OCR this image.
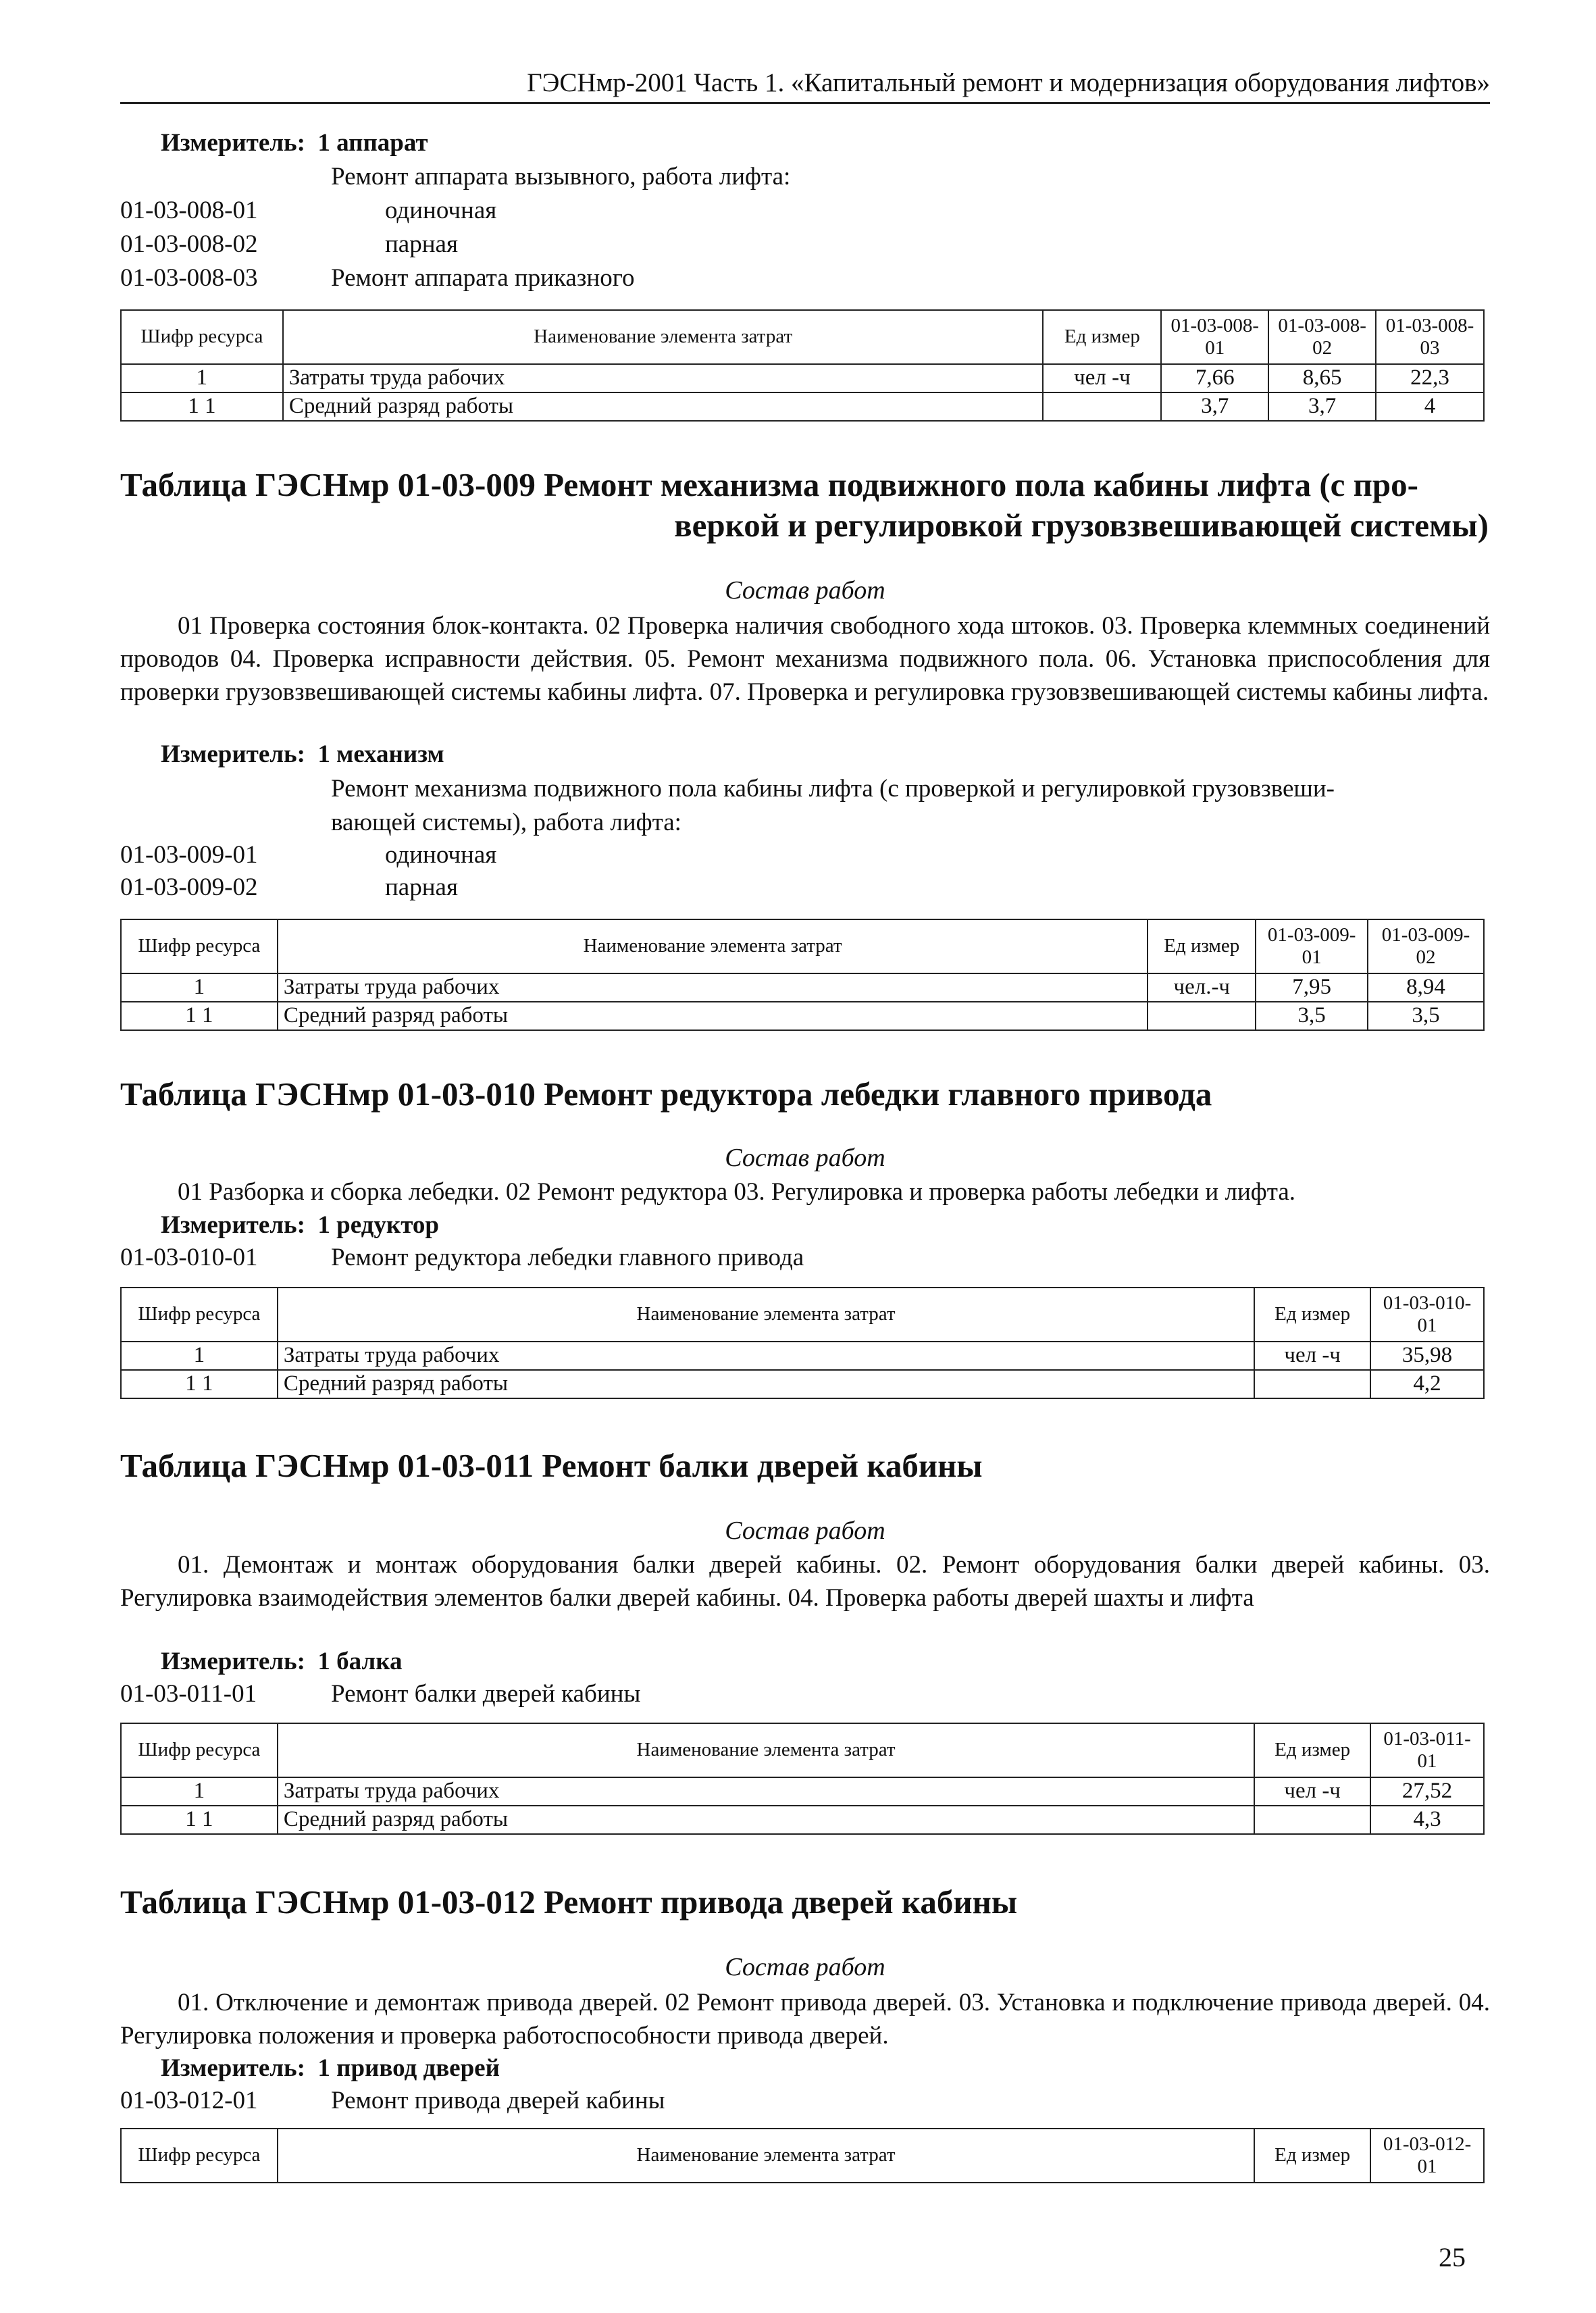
ГЭСНмр-2001 Часть 1. «Капитальный ремонт и модернизация оборудования лифтов»
Измеритель: 1 аппарат
Ремонт аппарата вызывного, работа лифта:
01-03-008-01	одиночная
01-03-008-02	парная
01-03-008-03	Ремонт аппарата приказного
Шифр ресурса	Наименование элемента затрат	Ед измер	01-03-008-01	01-03-008-02	01-03-008-03
1	Затраты труда рабочих	чел -ч	7,66	8,65	22,3
1 1	Средний разряд работы		3,7	3,7	4
Таблица ГЭСНмр 01-03-009 Ремонт механизма подвижного пола кабины лифта (с про-
веркой и регулировкой грузовзвешивающей системы)
Состав работ
01 Проверка состояния блок-контакта. 02 Проверка наличия свободного хода штоков. 03. Проверка клеммных соединений проводов 04. Проверка исправности действия. 05. Ремонт механизма подвижного пола. 06. Установка приспособления для проверки грузовзвешивающей системы кабины лифта. 07. Проверка и регулировка грузовзвешивающей системы кабины лифта.
Измеритель: 1 механизм
Ремонт механизма подвижного пола кабины лифта (с проверкой и регулировкой грузовзвеши-
вающей системы), работа лифта:
01-03-009-01	одиночная
01-03-009-02	парная
Шифр ресурса	Наименование элемента затрат	Ед измер	01-03-009-01	01-03-009-02
1	Затраты труда рабочих	чел.-ч	7,95	8,94
1 1	Средний разряд работы		3,5	3,5
Таблица ГЭСНмр 01-03-010 Ремонт редуктора лебедки главного привода
Состав работ
01 Разборка и сборка лебедки. 02 Ремонт редуктора 03. Регулировка и проверка работы лебедки и лифта.
Измеритель: 1 редуктор
01-03-010-01	Ремонт редуктора лебедки главного привода
Шифр ресурса	Наименование элемента затрат	Ед измер	01-03-010-01
1	Затраты труда рабочих	чел -ч	35,98
1 1	Средний разряд работы		4,2
Таблица ГЭСНмр 01-03-011 Ремонт балки дверей кабины
Состав работ
01. Демонтаж и монтаж оборудования балки дверей кабины. 02. Ремонт оборудования балки дверей кабины. 03. Регулировка взаимодействия элементов балки дверей кабины. 04. Проверка работы дверей шахты и лифта
Измеритель: 1 балка
01-03-011-01	Ремонт балки дверей кабины
Шифр ресурса	Наименование элемента затрат	Ед измер	01-03-011-01
1	Затраты труда рабочих	чел -ч	27,52
1 1	Средний разряд работы		4,3
Таблица ГЭСНмр 01-03-012 Ремонт привода дверей кабины
Состав работ
01. Отключение и демонтаж привода дверей. 02 Ремонт привода дверей. 03. Установка и подключение привода дверей. 04. Регулировка положения и проверка работоспособности привода дверей.
Измеритель: 1 привод дверей
01-03-012-01	Ремонт привода дверей кабины
Шифр ресурса	Наименование элемента затрат	Ед измер	01-03-012-01
25
